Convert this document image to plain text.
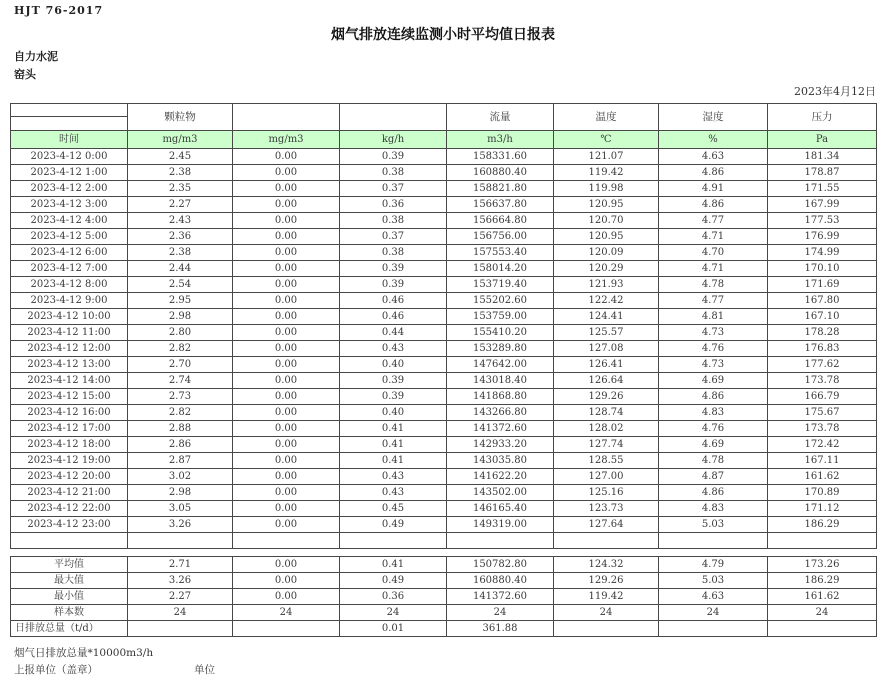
HJT 76-2017
烟气排放连续监测小时平均值日报表
自力水泥
窑头
2023年4月12日
	颗粒物			流量	温度	湿度	压力

时间	mg/m3	mg/m3	kg/h	m3/h	℃	%	Pa
2023-4-12 0:00	2.45	0.00	0.39	158331.60	121.07	4.63	181.34
2023-4-12 1:00	2.38	0.00	0.38	160880.40	119.42	4.86	178.87
2023-4-12 2:00	2.35	0.00	0.37	158821.80	119.98	4.91	171.55
2023-4-12 3:00	2.27	0.00	0.36	156637.80	120.95	4.86	167.99
2023-4-12 4:00	2.43	0.00	0.38	156664.80	120.70	4.77	177.53
2023-4-12 5:00	2.36	0.00	0.37	156756.00	120.95	4.71	176.99
2023-4-12 6:00	2.38	0.00	0.38	157553.40	120.09	4.70	174.99
2023-4-12 7:00	2.44	0.00	0.39	158014.20	120.29	4.71	170.10
2023-4-12 8:00	2.54	0.00	0.39	153719.40	121.93	4.78	171.69
2023-4-12 9:00	2.95	0.00	0.46	155202.60	122.42	4.77	167.80
2023-4-12 10:00	2.98	0.00	0.46	153759.00	124.41	4.81	167.10
2023-4-12 11:00	2.80	0.00	0.44	155410.20	125.57	4.73	178.28
2023-4-12 12:00	2.82	0.00	0.43	153289.80	127.08	4.76	176.83
2023-4-12 13:00	2.70	0.00	0.40	147642.00	126.41	4.73	177.62
2023-4-12 14:00	2.74	0.00	0.39	143018.40	126.64	4.69	173.78
2023-4-12 15:00	2.73	0.00	0.39	141868.80	129.26	4.86	166.79
2023-4-12 16:00	2.82	0.00	0.40	143266.80	128.74	4.83	175.67
2023-4-12 17:00	2.88	0.00	0.41	141372.60	128.02	4.76	173.78
2023-4-12 18:00	2.86	0.00	0.41	142933.20	127.74	4.69	172.42
2023-4-12 19:00	2.87	0.00	0.41	143035.80	128.55	4.78	167.11
2023-4-12 20:00	3.02	0.00	0.43	141622.20	127.00	4.87	161.62
2023-4-12 21:00	2.98	0.00	0.43	143502.00	125.16	4.86	170.89
2023-4-12 22:00	3.05	0.00	0.45	146165.40	123.73	4.83	171.12
2023-4-12 23:00	3.26	0.00	0.49	149319.00	127.64	5.03	186.29

平均值	2.71	0.00	0.41	150782.80	124.32	4.79	173.26
最大值	3.26	0.00	0.49	160880.40	129.26	5.03	186.29
最小值	2.27	0.00	0.36	141372.60	119.42	4.63	161.62
样本数	24	24	24	24	24	24	24
日排放总量（t/d）			0.01	361.88			
烟气日排放总量*10000m3/h
上报单位（盖章）	单位
